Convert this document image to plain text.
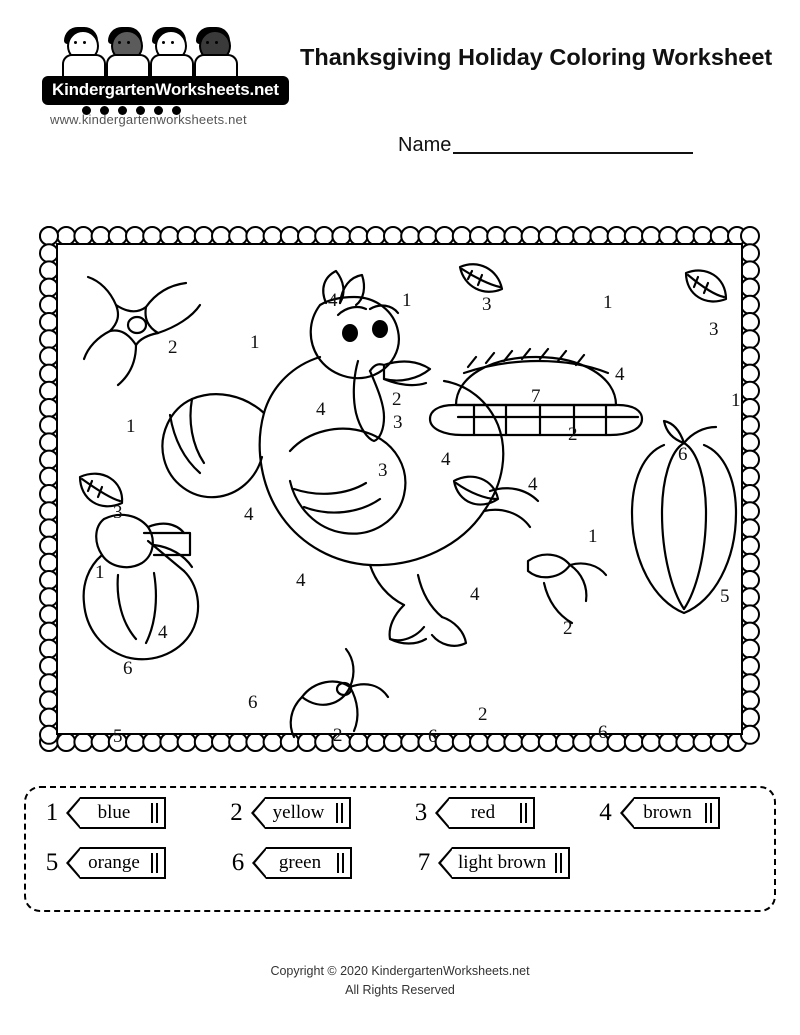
KindergartenWorksheets.net
www.kindergartenworksheets.net
Thanksgiving Holiday Coloring Worksheet
Name
2	1
4	1	3	1
3
1
4
7
2
3
4
1	2
4
3
6
4
3	4
1
1	4
4	5
4	2
6
6
5	2
2
6	6
1	blue	2	yellow	3	red	4	brown
5	orange	6	green	7	light brown
Copyright © 2020 KindergartenWorksheets.net
All Rights Reserved
